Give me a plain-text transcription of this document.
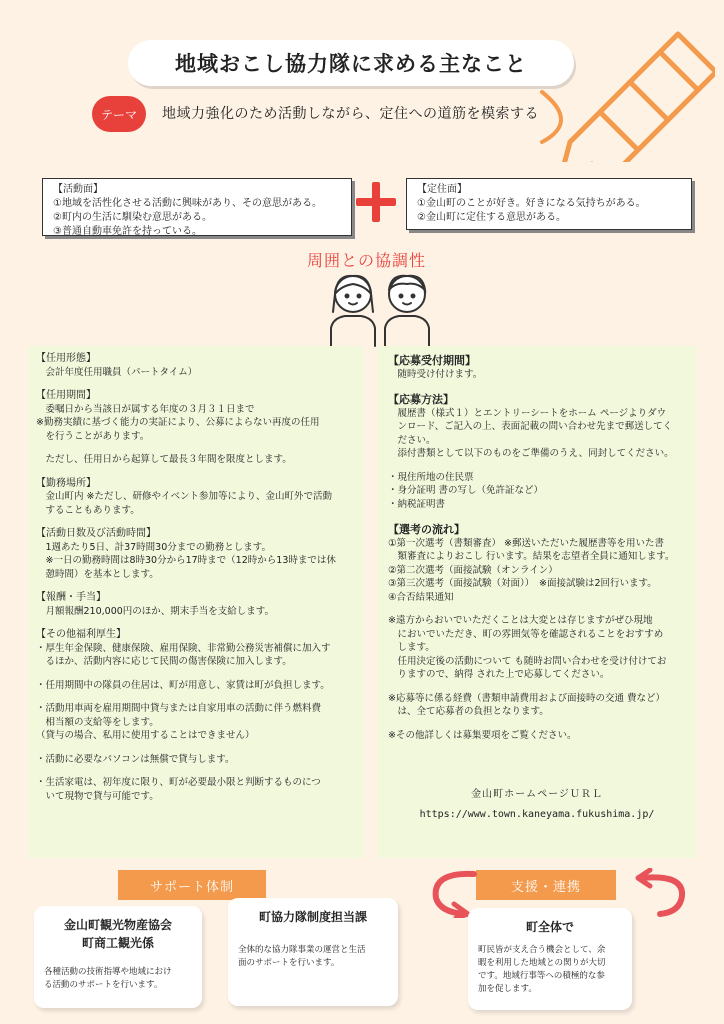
地域おこし協力隊に求める主なこと
テーマ	地域力強化のため活動しながら、定住への道筋を模索する
【活動面】
①地域を活性化させる活動に興味があり、その意思がある。
②町内の生活に馴染む意思がある。
③普通自動車免許を持っている。
【定住面】
①金山町のことが好き。好きになる気持ちがある。
②金山町に定住する意思がある。
周囲との協調性

【任用形態】

　会計年度任用職員（パートタイム）

【任用期間】

　委嘱日から当該日が属する年度の３月３１日まで

※勤務実績に基づく能力の実証により、公募によらない再度の任用
　を行うことがあります。

　ただし、任用日から起算して最長３年間を限度とします。

【勤務場所】

　金山町内 ※ただし、研修やイベント参加等により、金山町外で活動
　することもあります。

【活動日数及び活動時間】

　1週あたり5日、計37時間30分までの勤務とします。
　※一日の勤務時間は8時30分から17時まで（12時から13時までは休
　憩時間）を基本とします。

【報酬・手当】

　月額報酬210,000円のほか、期末手当を支給します。

【その他福利厚生】

・厚生年金保険、健康保険、雇用保険、非常勤公務災害補償に加入す
　るほか、活動内容に応じて民間の傷害保険に加入します。

・任用期間中の隊員の住居は、町が用意し、家賃は町が負担します。

・活動用車両を雇用期間中貸与または自家用車の活動に伴う燃料費
　相当額の支給等をします。
（貸与の場合、私用に使用することはできません）

・活動に必要なパソコンは無償で貸与します。

・生活家電は、初年度に限り、町が必要最小限と判断するものにつ
　いて現物で貸与可能です。

【応募受付期間】

　随時受け付けます。

【応募方法】

　履歴書（様式１）とエントリーシートをホーム ページよりダウ
　ンロード、ご記入の上、表面記載の問い合わせ先まで郵送してく
　ださい。
　添付書類として以下のものをご準備のうえ、同封してください。

・現住所地の住民票
・身分証明 書の写し（免許証など）
・納税証明書

【選考の流れ】

①第一次選考（書類審査） ※郵送いただいた履歴書等を用いた書
　類審査によりおこし 行います。結果を志望者全員に通知します。
②第二次選考（面接試験（オンライン）
③第三次選考（面接試験（対面））　※面接試験は2回行います。
④合否結果通知

※遠方からおいでいただくことは大変とは存じますがぜひ現地
　においでいただき、町の雰囲気等を確認されることをおすすめ
　します。
　任用決定後の活動について も随時お問い合わせを受け付けてお
　りますので、納得 された上で応募してください。

※応募等に係る経費（書類申請費用および面接時の交通 費など）
　は、全て応募者の負担となります。

※その他詳しくは募集要項をご覧ください。

金山町ホームページＵＲＬ

https://www.town.kaneyama.fukushima.jp/

サポート体制	支援・連携
金山町観光物産協会
町商工観光係

各種活動の技術指導や地域におけ
る活動のサポートを行います。

町協力隊制度担当課

全体的な協力隊事業の運営と生活
面のサポートを行います。

町全体で

町民皆が支え合う機会として、余
暇を利用した地域との関りが大切
です。地域行事等への積極的な参
加を促します。
